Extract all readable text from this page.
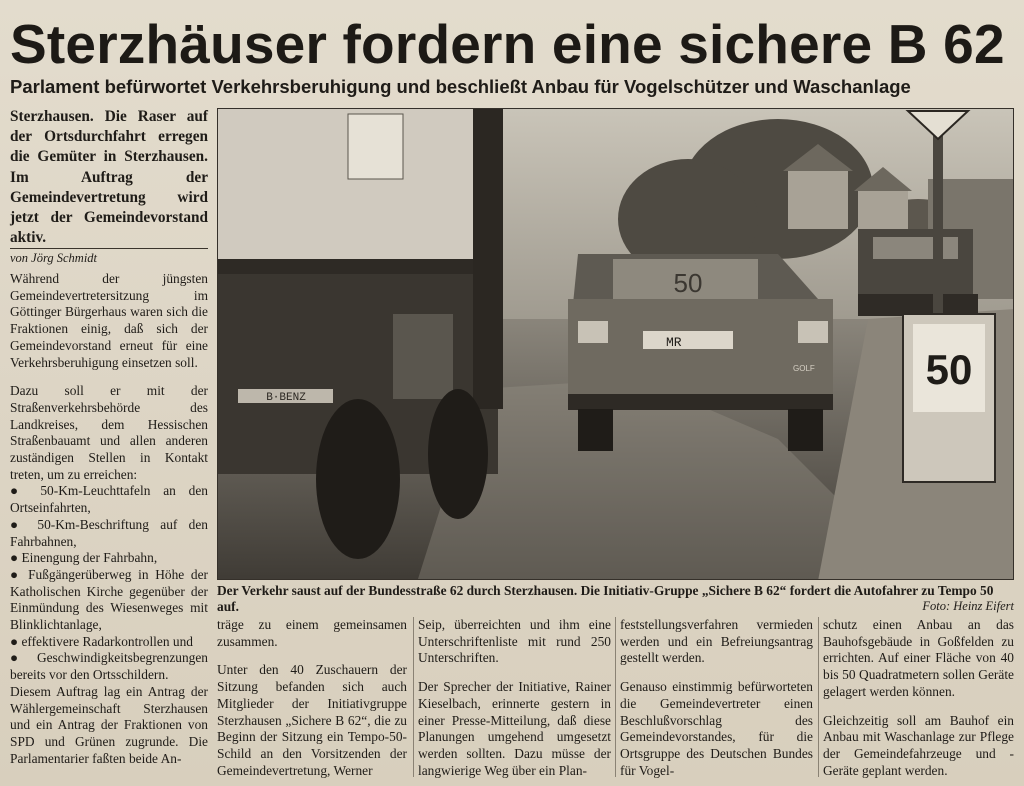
Sterzhäuser fordern eine sichere B 62
Parlament befürwortet Verkehrsberuhigung und beschließt Anbau für Vogelschützer und Waschanlage
Sterzhausen. Die Raser auf der Ortsdurchfahrt erregen die Gemüter in Sterzhausen. Im Auftrag der Gemeindevertretung wird jetzt der Gemeindevorstand aktiv.
von Jörg Schmidt

Während der jüngsten Gemeindevertretersitzung im Göttinger Bürgerhaus waren sich die Fraktionen einig, daß sich der Gemeindevorstand erneut für eine Verkehrsberuhigung einsetzen soll.

Dazu soll er mit der Straßenverkehrsbehörde des Landkreises, dem Hessischen Straßenbauamt und allen anderen zuständigen Stellen in Kontakt treten, um zu erreichen:

● 50-Km-Leuchttafeln an den Ortseinfahrten,

● 50-Km-Beschriftung auf den Fahrbahnen,

● Einengung der Fahrbahn,

● Fußgängerüberweg in Höhe der Katholischen Kirche gegenüber der Einmündung des Wiesenweges mit Blinklichtanlage,

● effektivere Radarkontrollen und

● Geschwindigkeitsbegrenzungen bereits vor den Ortsschildern.

Diesem Auftrag lag ein Antrag der Wählergemeinschaft Sterzhausen und ein Antrag der Fraktionen von SPD und Grünen zugrunde. Die Parlamentarier faßten beide An-

B·BENZ
50
MR
GOLF	50
Der Verkehr saust auf der Bundesstraße 62 durch Sterzhausen. Die Initiativ-Gruppe „Sichere B 62“ fordert die Autofahrer zu Tempo 50 auf.	Foto: Heinz Eifert

träge zu einem gemeinsamen zusammen.

Unter den 40 Zuschauern der Sitzung befanden sich auch Mitglieder der Initiativgruppe Sterzhausen „Sichere B 62“, die zu Beginn der Sitzung ein Tempo-50-Schild an den Vorsitzenden der Gemeindevertretung, Werner

Seip, überreichten und ihm eine Unterschriftenliste mit rund 250 Unterschriften.

Der Sprecher der Initiative, Rainer Kieselbach, erinnerte gestern in einer Presse-Mitteilung, daß diese Planungen umgehend umgesetzt werden sollten. Dazu müsse der langwierige Weg über ein Plan-

feststellungsverfahren vermieden werden und ein Befreiungsantrag gestellt werden.

Genauso einstimmig befürworteten die Gemeindevertreter einen Beschlußvorschlag des Gemeindevorstandes, für die Ortsgruppe des Deutschen Bundes für Vogel-

schutz einen Anbau an das Bauhofsgebäude in Goßfelden zu errichten. Auf einer Fläche von 40 bis 50 Quadratmetern sollen Geräte gelagert werden können.

Gleichzeitig soll am Bauhof ein Anbau mit Waschanlage zur Pflege der Gemeindefahrzeuge und -Geräte geplant werden.
